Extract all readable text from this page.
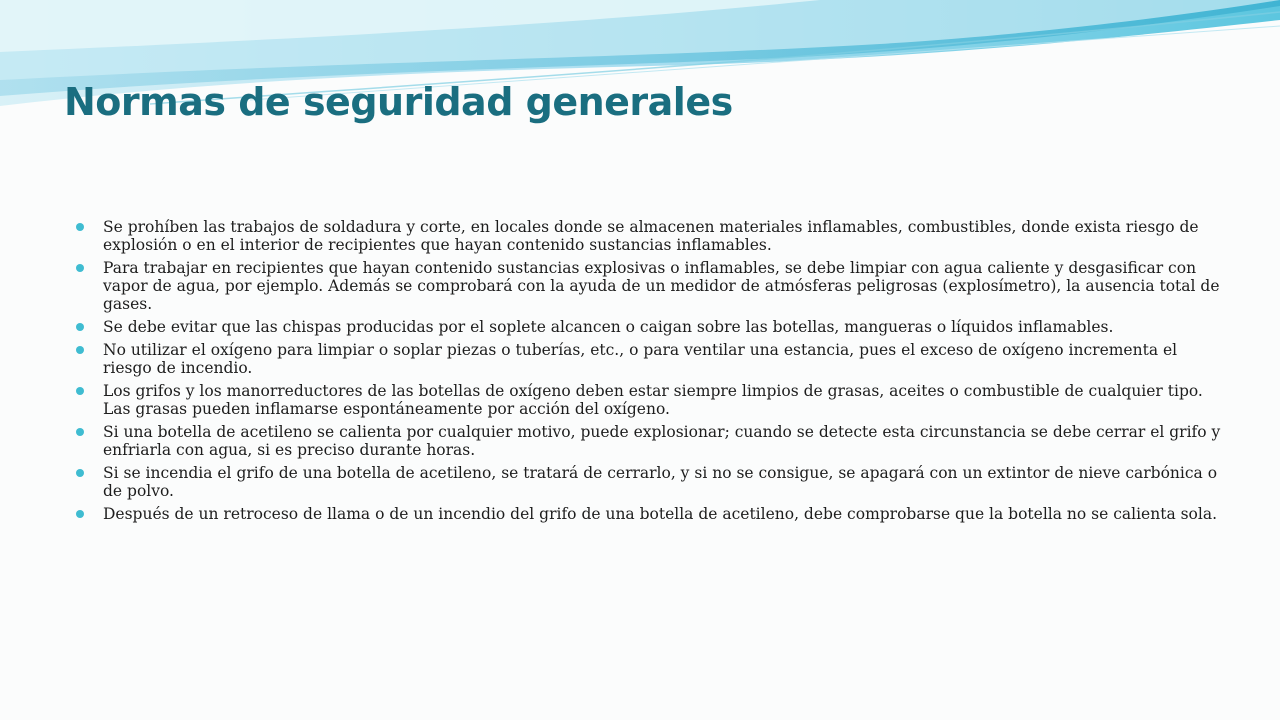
Normas de seguridad generales
Se prohíben las trabajos de soldadura y corte, en locales donde se almacenen materiales inflamables, combustibles, donde exista riesgo de explosión o en el interior de recipientes que hayan contenido sustancias inflamables.
Para trabajar en recipientes que hayan contenido sustancias explosivas o inflamables, se debe limpiar con agua caliente y desgasificar con vapor de agua, por ejemplo. Además se comprobará con la ayuda de un medidor de atmósferas peligrosas (explosímetro), la ausencia total de gases.
Se debe evitar que las chispas producidas por el soplete alcancen o caigan sobre las botellas, mangueras o líquidos inflamables.
No utilizar el oxígeno para limpiar o soplar piezas o tuberías, etc., o para ventilar una estancia, pues el exceso de oxígeno incrementa el riesgo de incendio.
Los grifos y los manorreductores de las botellas de oxígeno deben estar siempre limpios de grasas, aceites o combustible de cualquier tipo. Las grasas pueden inflamarse espontáneamente por acción del oxígeno.
Si una botella de acetileno se calienta por cualquier motivo, puede explosionar; cuando se detecte esta circunstancia se debe cerrar el grifo y enfriarla con agua, si es preciso durante horas.
Si se incendia el grifo de una botella de acetileno, se tratará de cerrarlo, y si no se consigue, se apagará con un extintor de nieve carbónica o de polvo.
Después de un retroceso de llama o de un incendio del grifo de una botella de acetileno, debe comprobarse que la botella no se calienta sola.
